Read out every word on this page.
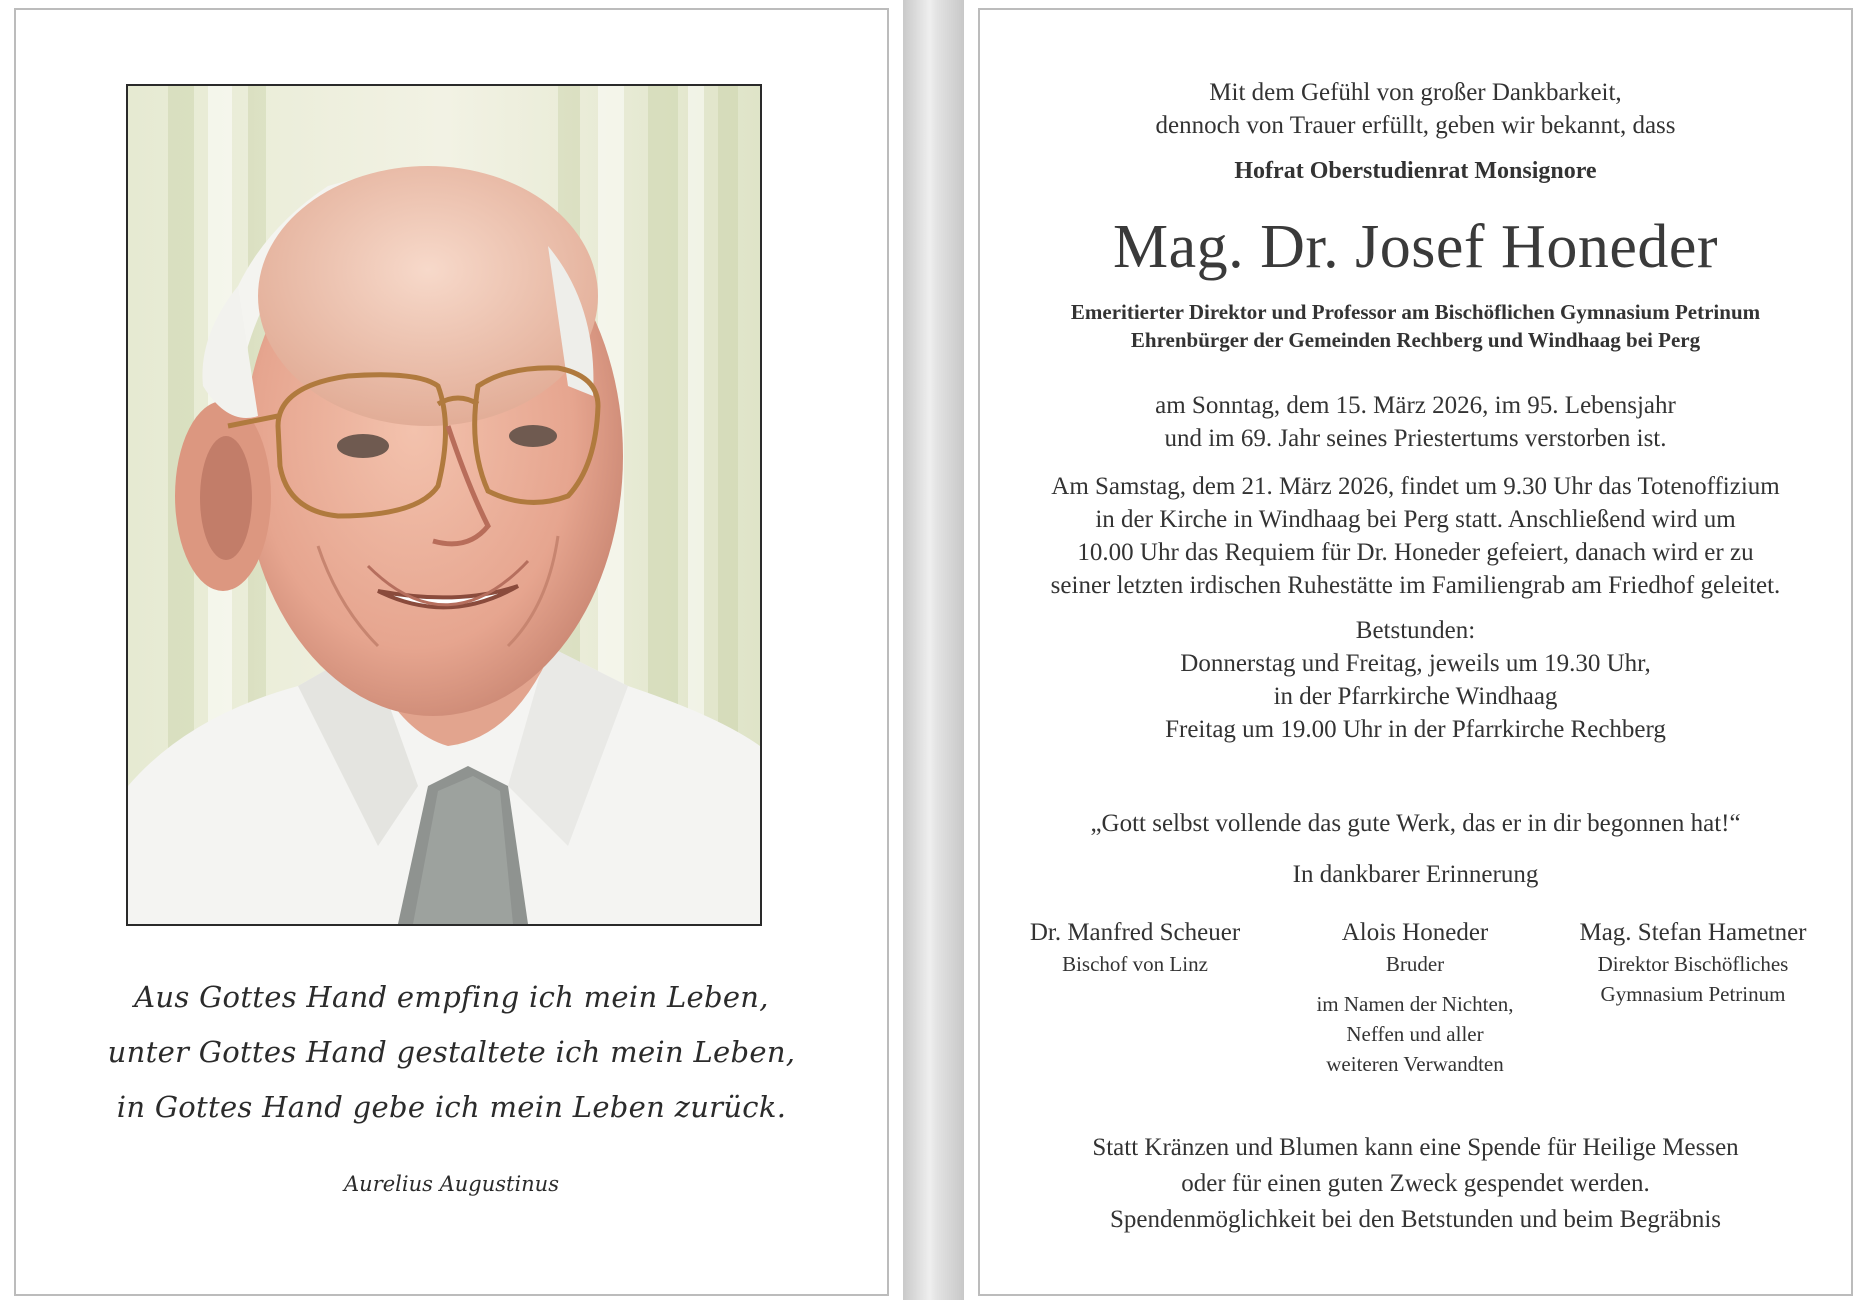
Aus Gottes Hand empfing ich mein Leben,
unter Gottes Hand gestaltete ich mein Leben,
in Gottes Hand gebe ich mein Leben zurück.
Aurelius Augustinus
Mit dem Gefühl von großer Dankbarkeit,
dennoch von Trauer erfüllt, geben wir bekannt, dass
Hofrat Oberstudienrat Monsignore
Mag. Dr. Josef Honeder
Emeritierter Direktor und Professor am Bischöflichen Gymnasium Petrinum
Ehrenbürger der Gemeinden Rechberg und Windhaag bei Perg
am Sonntag, dem 15. März 2026, im 95. Lebensjahr
und im 69. Jahr seines Priestertums verstorben ist.
Am Samstag, dem 21. März 2026, findet um 9.30 Uhr das Totenoffizium
in der Kirche in Windhaag bei Perg statt. Anschließend wird um
10.00 Uhr das Requiem für Dr. Honeder gefeiert, danach wird er zu
seiner letzten irdischen Ruhestätte im Familiengrab am Friedhof geleitet.
Betstunden:
Donnerstag und Freitag, jeweils um 19.30 Uhr,
in der Pfarrkirche Windhaag
Freitag um 19.00 Uhr in der Pfarrkirche Rechberg
„Gott selbst vollende das gute Werk, das er in dir begonnen hat!“
In dankbarer Erinnerung
Dr. Manfred Scheuer
Bischof von Linz
Alois Honeder
Bruder
im Namen der Nichten,
Neffen und aller
weiteren Verwandten
Mag. Stefan Hametner
Direktor Bischöfliches
Gymnasium Petrinum
Statt Kränzen und Blumen kann eine Spende für Heilige Messen
oder für einen guten Zweck gespendet werden.
Spendenmöglichkeit bei den Betstunden und beim Begräbnis
